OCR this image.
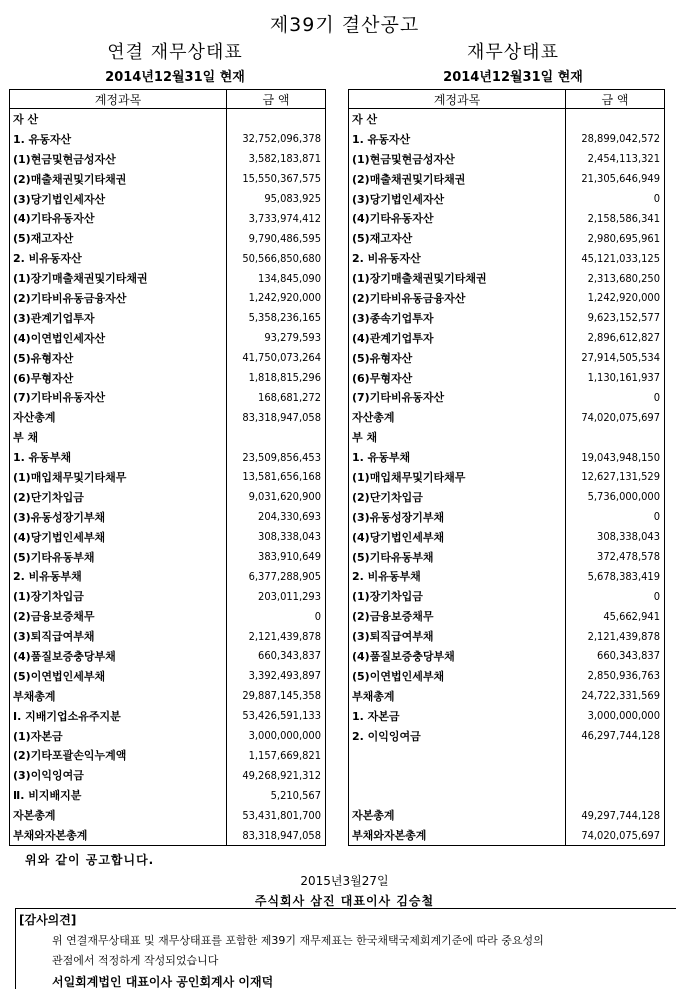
제39기 결산공고
연결 재무상태표
2014년12월31일 현재
재무상태표
2014년12월31일 현재
계정과목	금 액
자 산	
1. 유동자산	32,752,096,378
(1)현금및현금성자산	3,582,183,871
(2)매출채권및기타채권	15,550,367,575
(3)당기법인세자산	95,083,925
(4)기타유동자산	3,733,974,412
(5)재고자산	9,790,486,595
2. 비유동자산	50,566,850,680
(1)장기매출채권및기타채권	134,845,090
(2)기타비유동금융자산	1,242,920,000
(3)관계기업투자	5,358,236,165
(4)이연법인세자산	93,279,593
(5)유형자산	41,750,073,264
(6)무형자산	1,818,815,296
(7)기타비유동자산	168,681,272
자산총계	83,318,947,058
부 채	
1. 유동부채	23,509,856,453
(1)매입채무및기타채무	13,581,656,168
(2)단기차입금	9,031,620,900
(3)유동성장기부채	204,330,693
(4)당기법인세부채	308,338,043
(5)기타유동부채	383,910,649
2. 비유동부채	6,377,288,905
(1)장기차입금	203,011,293
(2)금융보증채무	0
(3)퇴직급여부채	2,121,439,878
(4)품질보증충당부채	660,343,837
(5)이연법인세부채	3,392,493,897
부채총계	29,887,145,358
Ⅰ. 지배기업소유주지분	53,426,591,133
(1)자본금	3,000,000,000
(2)기타포괄손익누계액	1,157,669,821
(3)이익잉여금	49,268,921,312
Ⅱ. 비지배지분	5,210,567
자본총계	53,431,801,700
부채와자본총계	83,318,947,058
계정과목	금 액
자 산	
1. 유동자산	28,899,042,572
(1)현금및현금성자산	2,454,113,321
(2)매출채권및기타채권	21,305,646,949
(3)당기법인세자산	0
(4)기타유동자산	2,158,586,341
(5)재고자산	2,980,695,961
2. 비유동자산	45,121,033,125
(1)장기매출채권및기타채권	2,313,680,250
(2)기타비유동금융자산	1,242,920,000
(3)종속기업투자	9,623,152,577
(4)관계기업투자	2,896,612,827
(5)유형자산	27,914,505,534
(6)무형자산	1,130,161,937
(7)기타비유동자산	0
자산총계	74,020,075,697
부 채	
1. 유동부채	19,043,948,150
(1)매입채무및기타채무	12,627,131,529
(2)단기차입금	5,736,000,000
(3)유동성장기부채	0
(4)당기법인세부채	308,338,043
(5)기타유동부채	372,478,578
2. 비유동부채	5,678,383,419
(1)장기차입금	0
(2)금융보증채무	45,662,941
(3)퇴직급여부채	2,121,439,878
(4)품질보증충당부채	660,343,837
(5)이연법인세부채	2,850,936,763
부채총계	24,722,331,569
1. 자본금	3,000,000,000
2. 이익잉여금	46,297,744,128

자본총계	49,297,744,128
부채와자본총계	74,020,075,697
위와 같이 공고합니다.
2015년3월27일
주식회사 삼진 대표이사 김승철
[감사의견]
위 연결재무상태표 및 재무상태표를 포함한 제39기 재무제표는 한국채택국제회계기준에 따라 중요성의
관점에서 적정하게 작성되었습니다
서일회계법인 대표이사 공인회계사 이재덕
